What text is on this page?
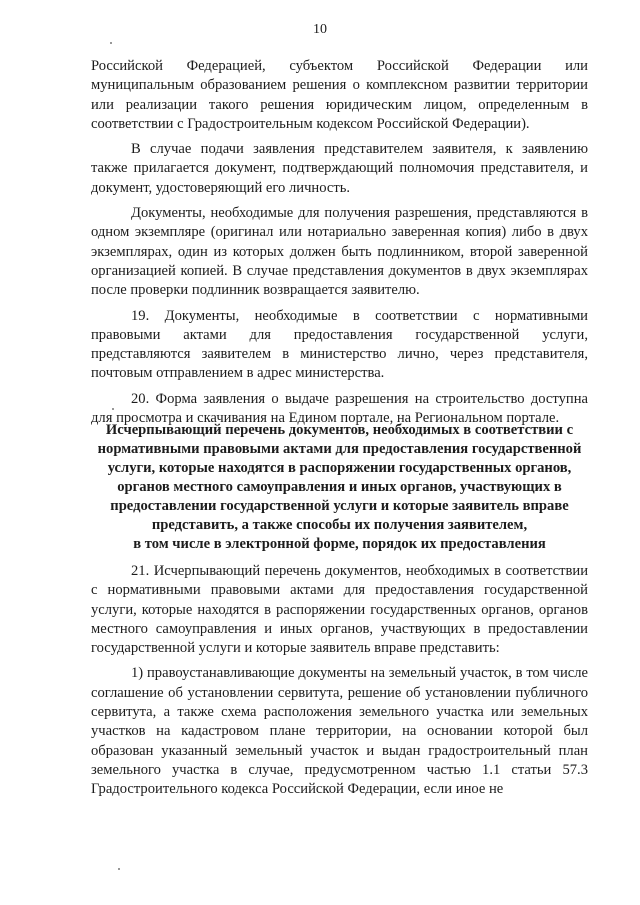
10

Российской Федерацией, субъектом Российской Федерации или муниципальным образованием решения о комплексном развитии территории или реализации такого решения юридическим лицом, определенным в соответствии с Градостроительным кодексом Российской Федерации).

В случае подачи заявления представителем заявителя, к заявлению также прилагается документ, подтверждающий полномочия представителя, и документ, удостоверяющий его личность.

Документы, необходимые для получения разрешения, представляются в одном экземпляре (оригинал или нотариально заверенная копия) либо в двух экземплярах, один из которых должен быть подлинником, второй заверенной организацией копией. В случае представления документов в двух экземплярах после проверки подлинник возвращается заявителю.

19. Документы, необходимые в соответствии с нормативными правовыми актами для предоставления государственной услуги, представляются заявителем в министерство лично, через представителя, почтовым отправлением в адрес министерства.

20. Форма заявления о выдаче разрешения на строительство доступна для просмотра и скачивания на Едином портале, на Региональном портале.

Исчерпывающий перечень документов, необходимых в соответствии с
нормативными правовыми актами для предоставления государственной
услуги, которые находятся в распоряжении государственных органов,
органов местного самоуправления и иных органов, участвующих в
предоставлении государственной услуги и которые заявитель вправе
представить, а также способы их получения заявителем,
в том числе в электронной форме, порядок их предоставления

21. Исчерпывающий перечень документов, необходимых в соответствии с нормативными правовыми актами для предоставления государственной услуги, которые находятся в распоряжении государственных органов, органов местного самоуправления и иных органов, участвующих в предоставлении государственной услуги и которые заявитель вправе представить:

1) правоустанавливающие документы на земельный участок, в том числе соглашение об установлении сервитута, решение об установлении публичного сервитута, а также схема расположения земельного участка или земельных участков на кадастровом плане территории, на основании которой был образован указанный земельный участок и выдан градостроительный план земельного участка в случае, предусмотренном частью 1.1 статьи 57.3 Градостроительного кодекса Российской Федерации, если иное не
